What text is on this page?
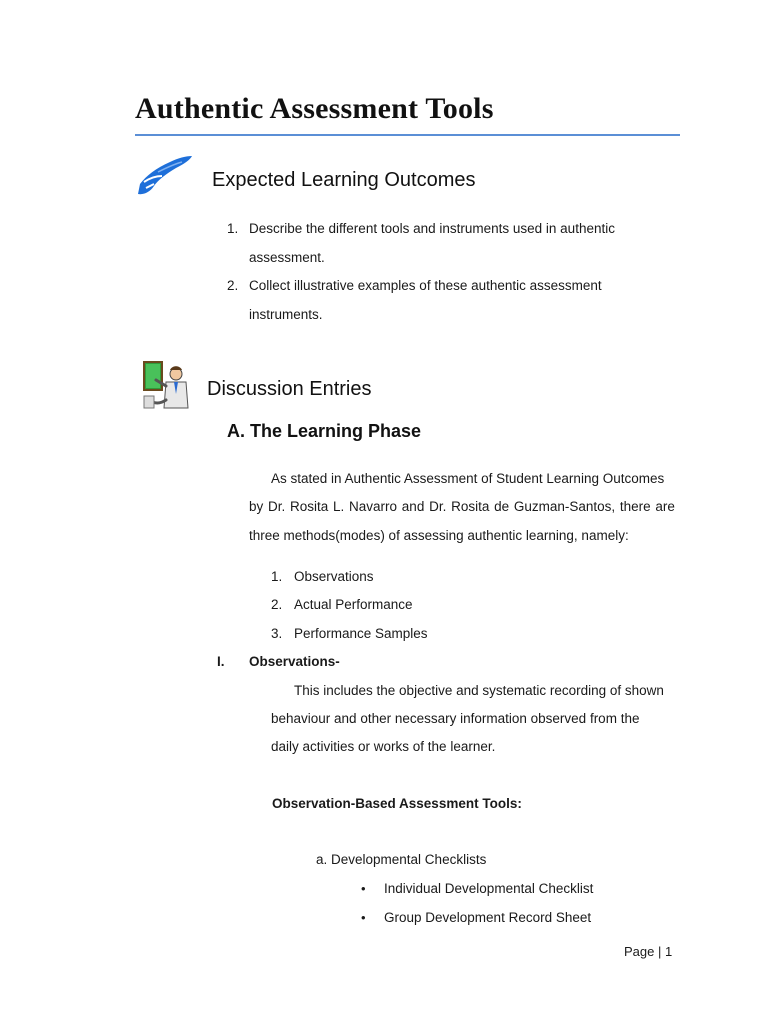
Authentic Assessment Tools
Expected Learning Outcomes
1. Describe the different tools and instruments used in authentic
assessment.
2. Collect illustrative examples of these authentic assessment
instruments.
Discussion Entries
A. The Learning Phase
As stated in Authentic Assessment of Student Learning Outcomes
by Dr. Rosita L. Navarro and Dr. Rosita de Guzman-Santos, there are
three methods(modes) of assessing authentic learning, namely:
1. Observations
2. Actual Performance
3. Performance Samples
I. Observations-
This includes the objective and systematic recording of shown
behaviour and other necessary information observed from the
daily activities or works of the learner.
Observation-Based Assessment Tools:
a. Developmental Checklists
• Individual Developmental Checklist
• Group Development Record Sheet
Page | 1
